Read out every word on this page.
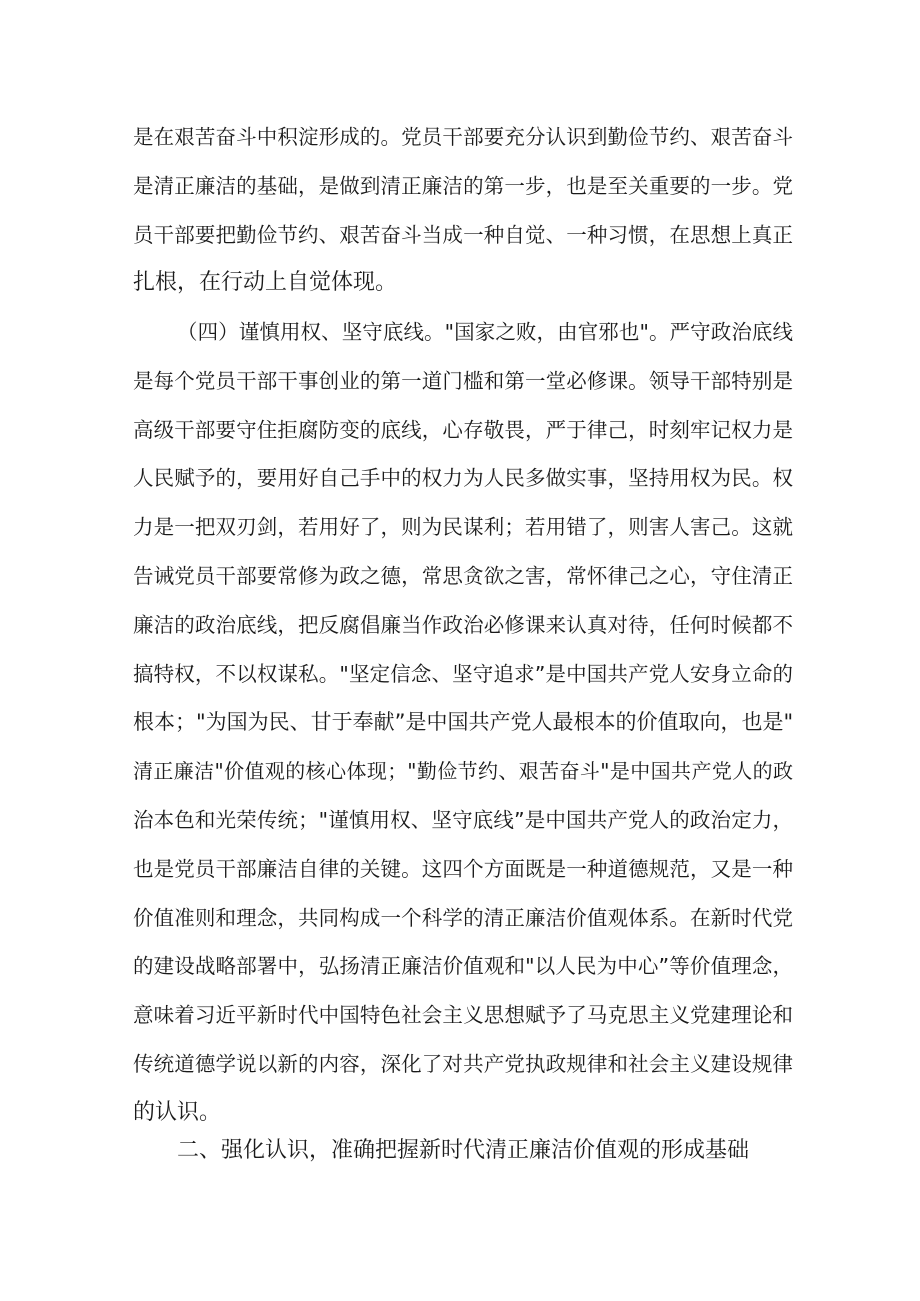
是在艰苦奋斗中积淀形成的。党员干部要充分认识到勤俭节约、艰苦奋斗
是清正廉洁的基础，是做到清正廉洁的第一步，也是至关重要的一步。党
员干部要把勤俭节约、艰苦奋斗当成一种自觉、一种习惯，在思想上真正
扎根，在行动上自觉体现。
（四）谨慎用权、坚守底线。"国家之败，由官邪也"。严守政治底线
是每个党员干部干事创业的第一道门槛和第一堂必修课。领导干部特别是
高级干部要守住拒腐防变的底线，心存敬畏，严于律己，时刻牢记权力是
人民赋予的，要用好自己手中的权力为人民多做实事，坚持用权为民。权
力是一把双刃剑，若用好了，则为民谋利；若用错了，则害人害己。这就
告诫党员干部要常修为政之德，常思贪欲之害，常怀律己之心，守住清正
廉洁的政治底线，把反腐倡廉当作政治必修课来认真对待，任何时候都不
搞特权，不以权谋私。"坚定信念、坚守追求”是中国共产党人安身立命的
根本；"为国为民、甘于奉献”是中国共产党人最根本的价值取向，也是"
清正廉洁"价值观的核心体现；"勤俭节约、艰苦奋斗"是中国共产党人的政
治本色和光荣传统；"谨慎用权、坚守底线”是中国共产党人的政治定力，
也是党员干部廉洁自律的关键。这四个方面既是一种道德规范，又是一种
价值准则和理念，共同构成一个科学的清正廉洁价值观体系。在新时代党
的建设战略部署中，弘扬清正廉洁价值观和"以人民为中心”等价值理念，
意味着习近平新时代中国特色社会主义思想赋予了马克思主义党建理论和
传统道德学说以新的内容，深化了对共产党执政规律和社会主义建设规律
的认识。
二、强化认识，准确把握新时代清正廉洁价值观的形成基础
